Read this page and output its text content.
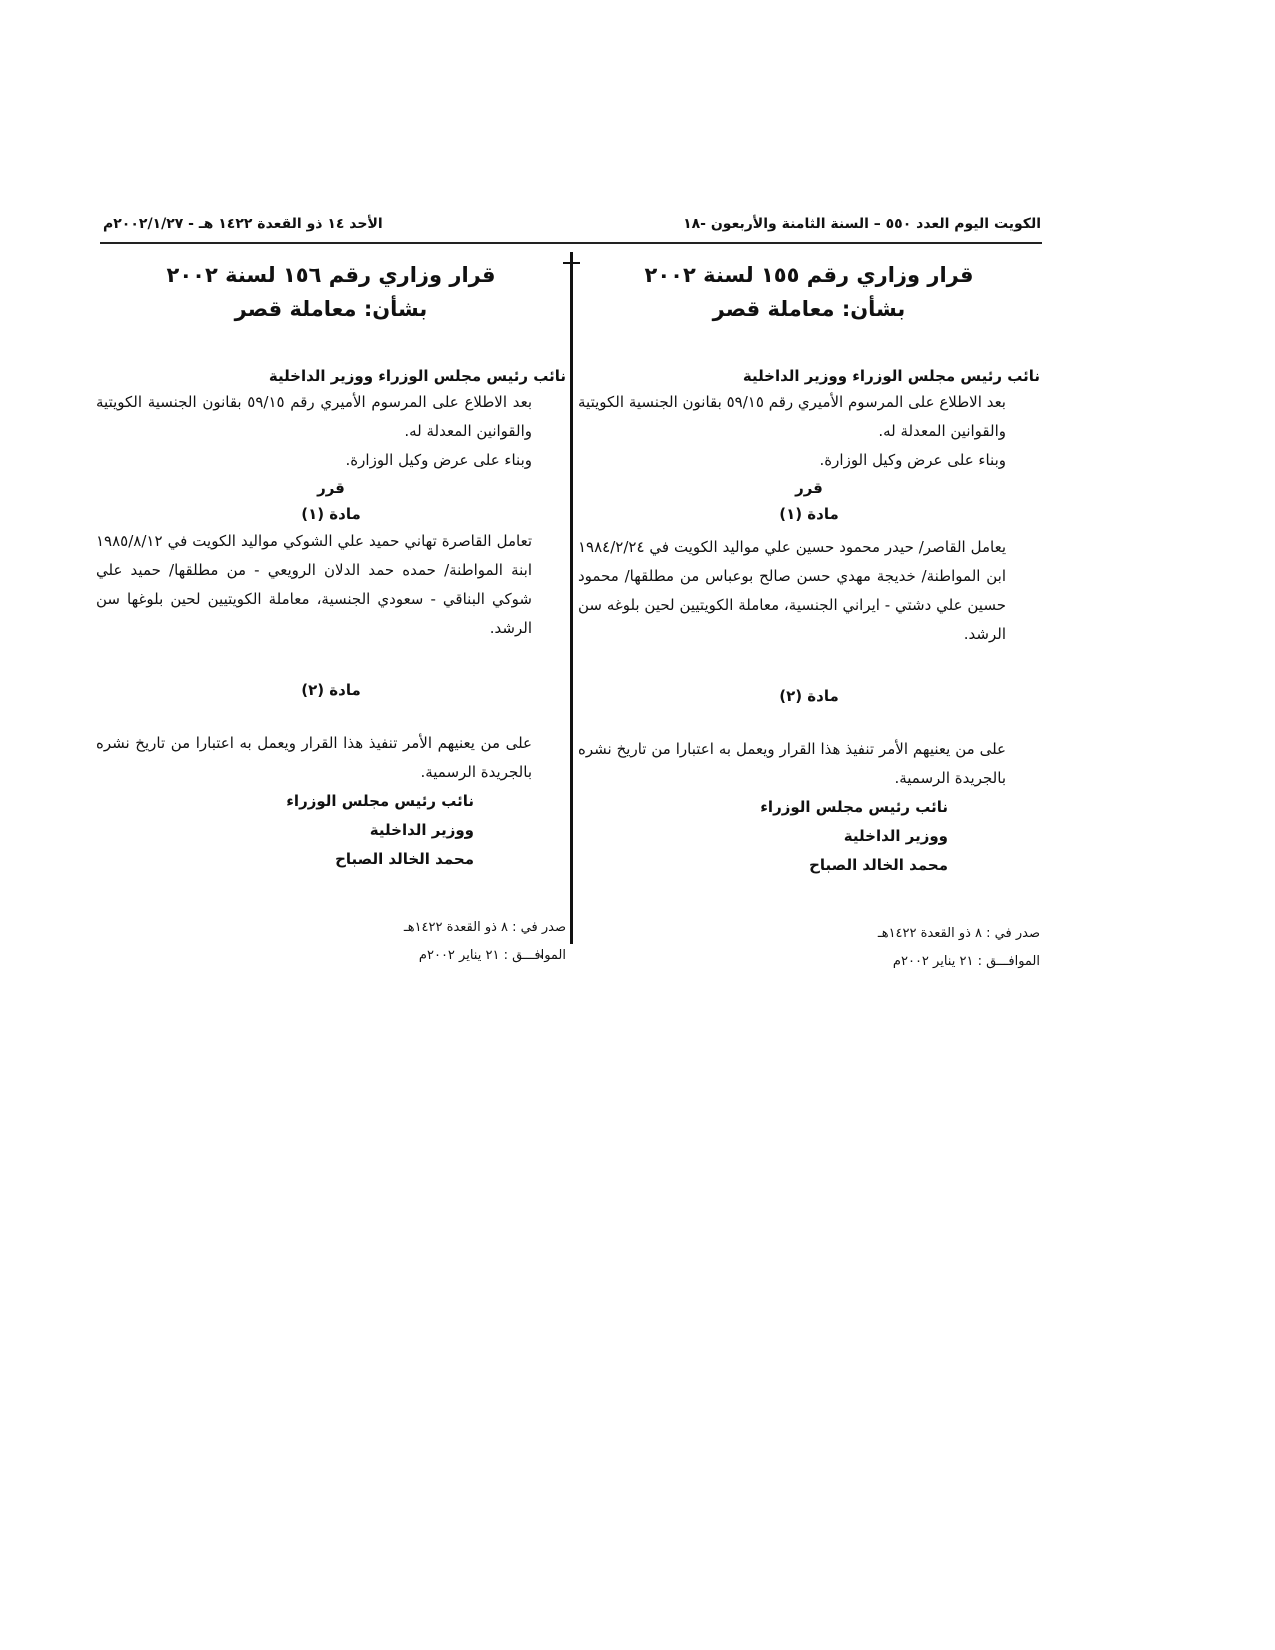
الكويت اليوم العدد ٥٥٠ – السنة الثامنة والأربعون -١٨
الأحد ١٤ ذو القعدة ١٤٢٢ هـ - ٢٠٠٢/١/٢٧م
قرار وزاري رقم ١٥٥ لسنة ٢٠٠٢
بشأن: معاملة قصر
نائب رئيس مجلس الوزراء ووزير الداخلية

بعد الاطلاع على المرسوم الأميري رقم ٥٩/١٥ بقانون الجنسية الكويتية والقوانين المعدلة له.

وبناء على عرض وكيل الوزارة.

قرر
مادة (١)

يعامل القاصر/ حيدر محمود حسين علي مواليد الكويت في ١٩٨٤/٢/٢٤ ابن المواطنة/ خديجة مهدي حسن صالح بوعباس من مطلقها/ محمود حسين علي دشتي - ايراني الجنسية، معاملة الكويتيين لحين بلوغه سن الرشد.

مادة (٢)

على من يعنيهم الأمر تنفيذ هذا القرار ويعمل به اعتبارا من تاريخ نشره بالجريدة الرسمية.

نائب رئيس مجلس الوزراء
ووزير الداخلية
محمد الخالد الصباح
صدر في : ٨ ذو القعدة ١٤٢٢هـ
الموافـــق : ٢١ يناير ٢٠٠٢م
قرار وزاري رقم ١٥٦ لسنة ٢٠٠٢
بشأن: معاملة قصر
نائب رئيس مجلس الوزراء ووزير الداخلية

بعد الاطلاع على المرسوم الأميري رقم ٥٩/١٥ بقانون الجنسية الكويتية والقوانين المعدلة له.

وبناء على عرض وكيل الوزارة.

قرر
مادة (١)

تعامل القاصرة تهاني حميد علي الشوكي مواليد الكويت في ١٩٨٥/٨/١٢ ابنة المواطنة/ حمده حمد الدلان الرويعي - من مطلقها/ حميد علي شوكي البناقي - سعودي الجنسية، معاملة الكويتيين لحين بلوغها سن الرشد.

مادة (٢)

على من يعنيهم الأمر تنفيذ هذا القرار ويعمل به اعتبارا من تاريخ نشره بالجريدة الرسمية.

نائب رئيس مجلس الوزراء
ووزير الداخلية
محمد الخالد الصباح
صدر في : ٨ ذو القعدة ١٤٢٢هـ
الموافـــق : ٢١ يناير ٢٠٠٢م
